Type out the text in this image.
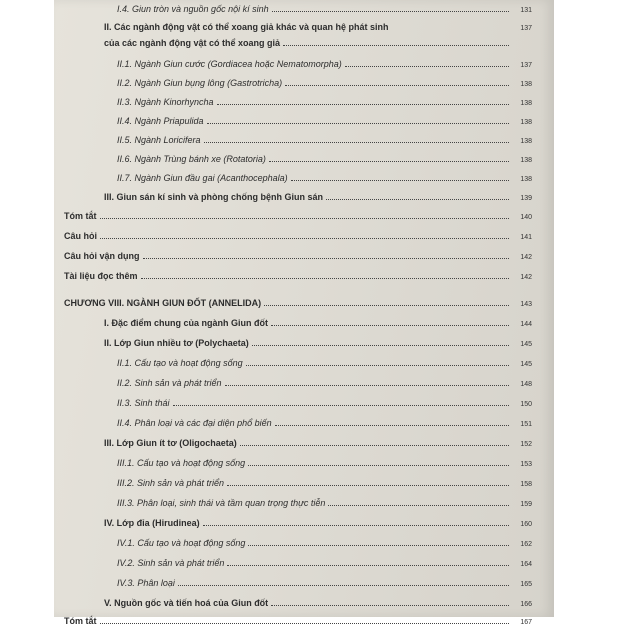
I.4. Giun tròn và nguồn gốc nội kí sinh	131
II. Các ngành động vật có thể xoang giả khác và quan hệ phát sinh	137
của các ngành động vật có thể xoang giả
II.1. Ngành Giun cước (Gordiacea hoặc Nematomorpha)	137
II.2. Ngành Giun bụng lông (Gastrotricha)	138
II.3. Ngành Kinorhyncha	138
II.4. Ngành Priapulida	138
II.5. Ngành Loricifera	138
II.6. Ngành Trùng bánh xe (Rotatoria)	138
II.7. Ngành Giun đầu gai (Acanthocephala)	138
III. Giun sán kí sinh và phòng chống bệnh Giun sán	139
Tóm tắt	140
Câu hỏi	141
Câu hỏi vận dụng	142
Tài liệu đọc thêm	142
CHƯƠNG VIII. NGÀNH GIUN ĐỐT (ANNELIDA)	143
I. Đặc điểm chung của ngành Giun đốt	144
II. Lớp Giun nhiều tơ (Polychaeta)	145
II.1. Cấu tạo và hoạt động sống	145
II.2. Sinh sản và phát triển	148
II.3. Sinh thái	150
II.4. Phân loại và các đại diện phổ biến	151
III. Lớp Giun ít tơ (Oligochaeta)	152
III.1. Cấu tạo và hoạt động sống	153
III.2. Sinh sản và phát triển	158
III.3. Phân loại, sinh thái và tầm quan trọng thực tiễn	159
IV. Lớp đỉa (Hirudinea)	160
IV.1. Cấu tạo và hoạt động sống	162
IV.2. Sinh sản và phát triển	164
IV.3. Phân loại	165
V. Nguồn gốc và tiến hoá của Giun đốt	166
Tóm tắt	167
